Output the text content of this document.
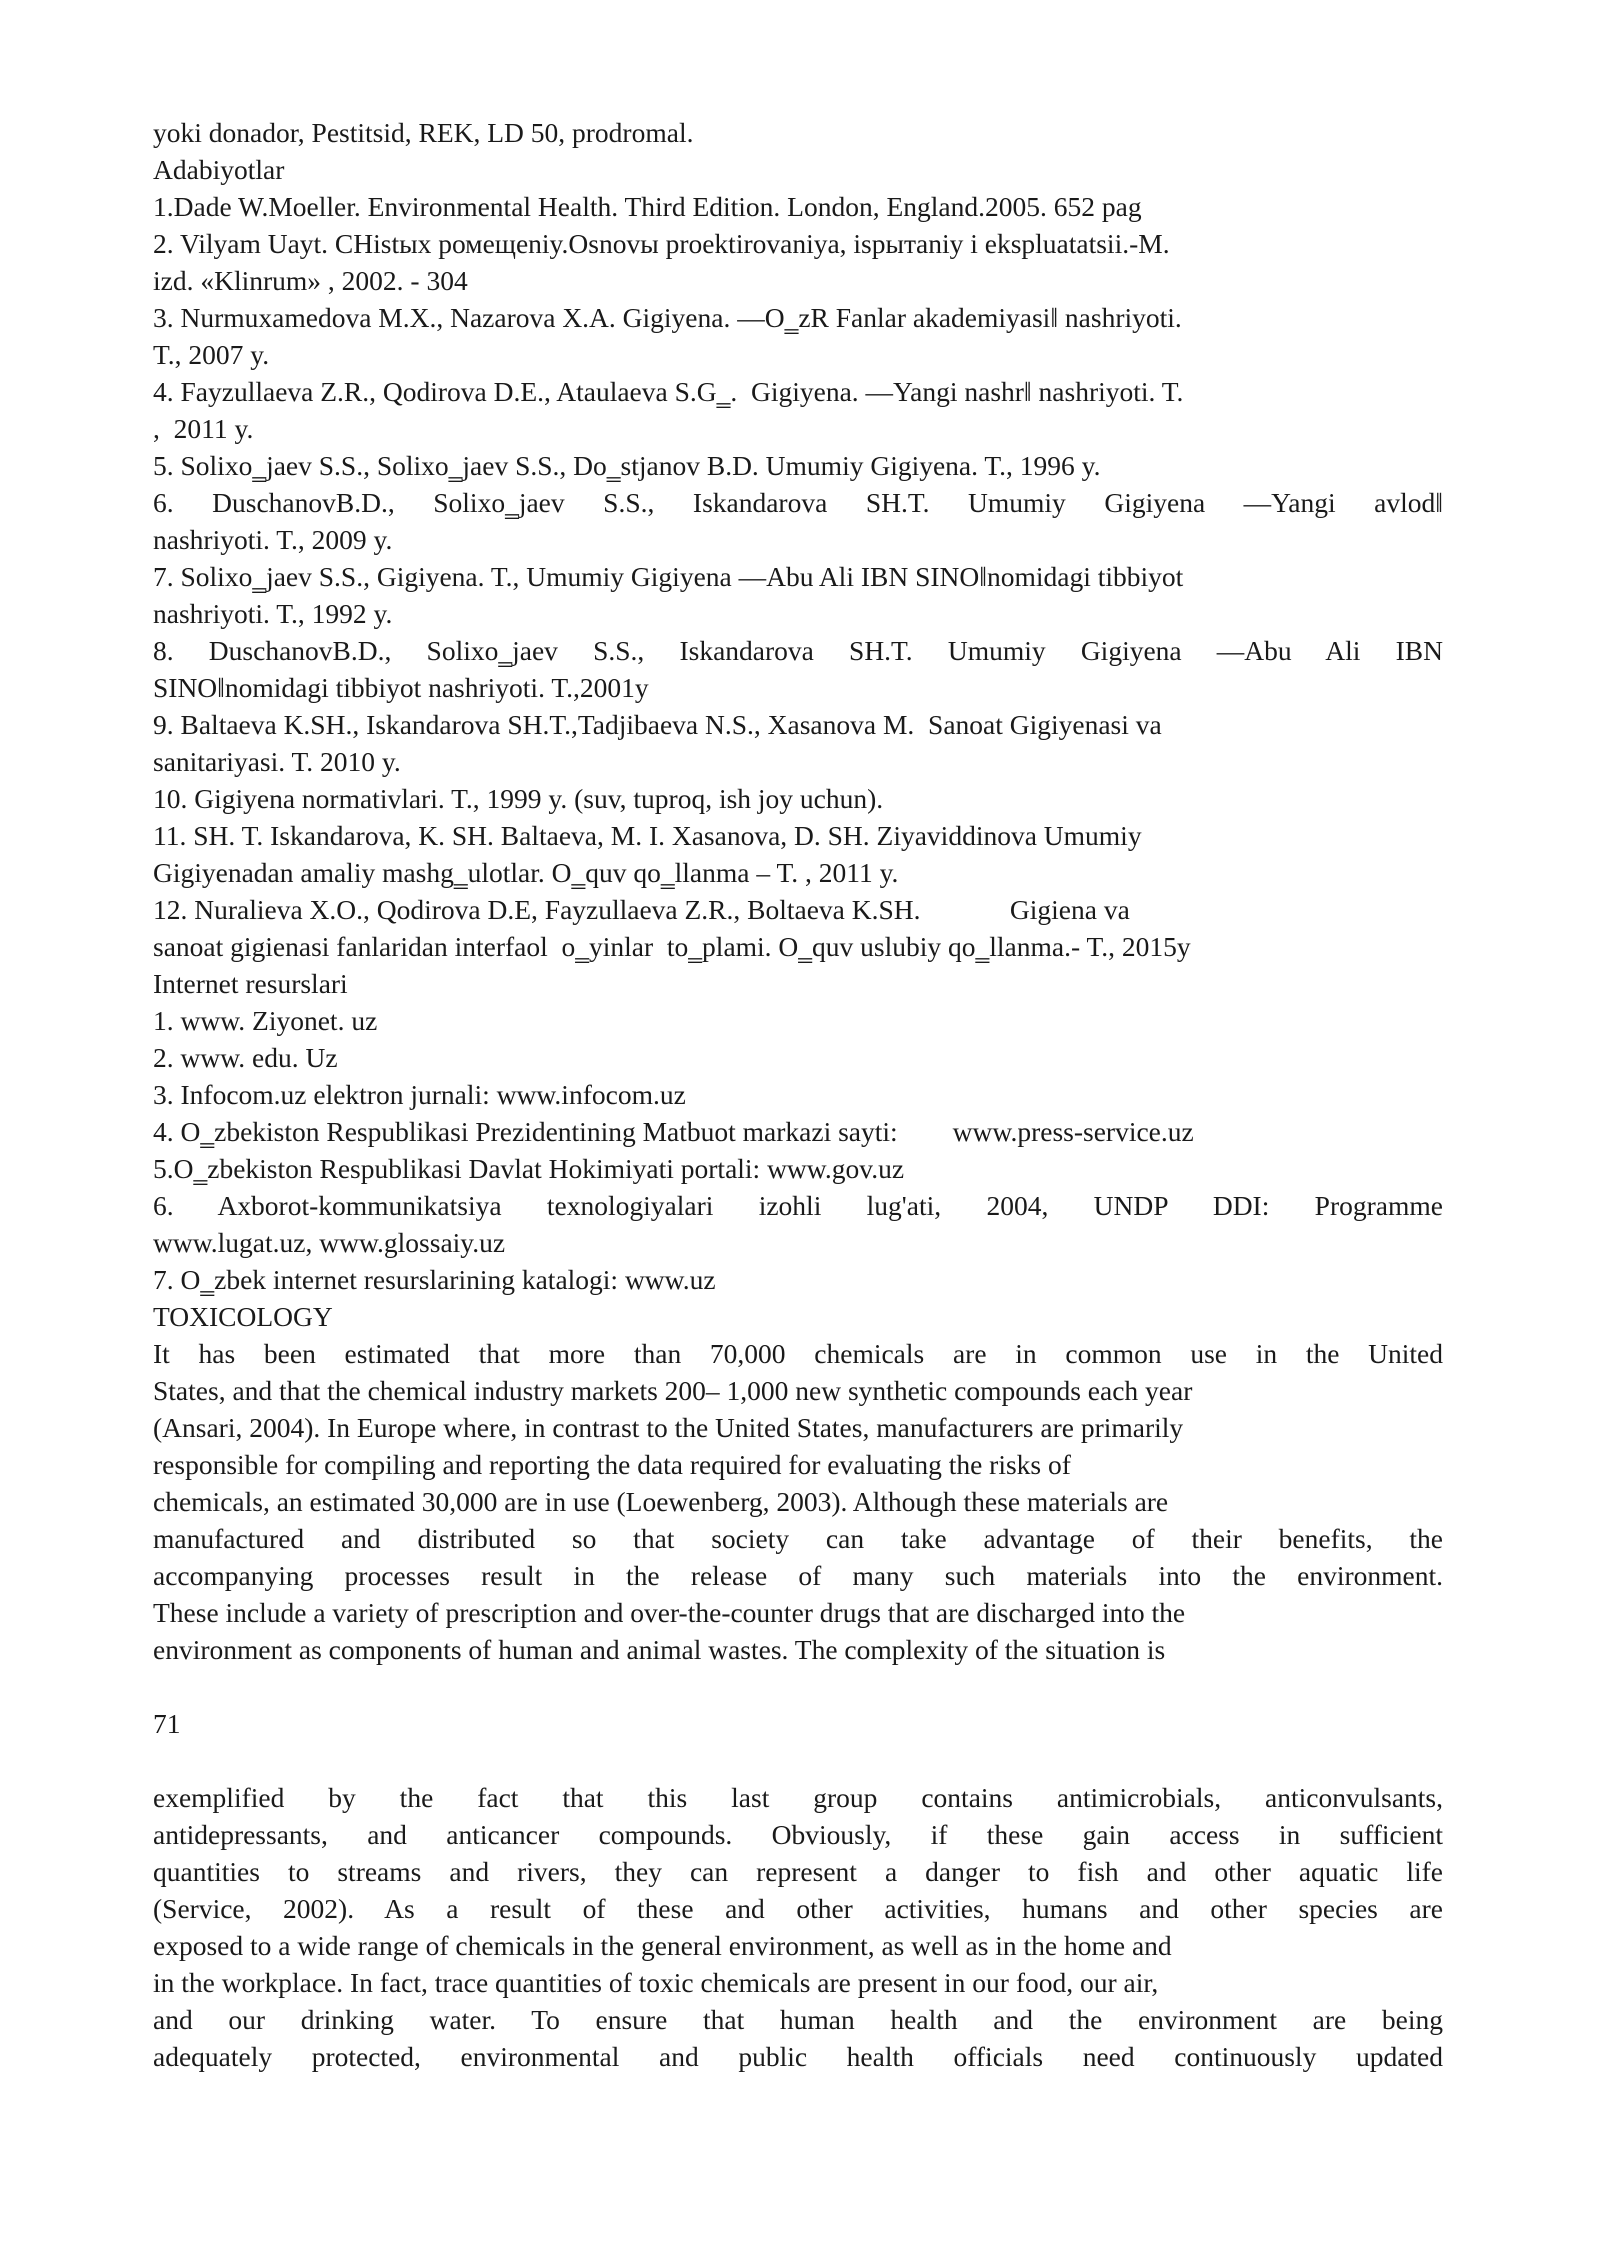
yoki donador, Pestitsid, REK, LD 50, prodromal.
Adabiyotlar
1.Dade W.Moeller. Environmental Health. Third Edition. London, England.2005. 652 pag
2. Vilyam Uayt. CHistых ромещеniy.Osnovы proektirovaniya, ispытaniy i ekspluatatsii.-M.
izd. «Klinrum» , 2002. - 304
3. Nurmuxamedova M.X., Nazarova X.A. Gigiyena. ―O‗zR Fanlar akademiyasi‖ nashriyoti.
T., 2007 y.
4. Fayzullaeva Z.R., Qodirova D.E., Ataulaeva S.G‗.  Gigiyena. ―Yangi nashr‖ nashriyoti. T.
,  2011 y.
5. Solixo‗jaev S.S., Solixo‗jaev S.S., Do‗stjanov B.D. Umumiy Gigiyena. T., 1996 y.
6. DuschanovB.D., Solixo‗jaev S.S., Iskandarova SH.T. Umumiy Gigiyena ―Yangi avlod‖
nashriyoti. T., 2009 y.
7. Solixo‗jaev S.S., Gigiyena. T., Umumiy Gigiyena ―Abu Ali IBN SINO‖nomidagi tibbiyot
nashriyoti. T., 1992 y.
8. DuschanovB.D., Solixo‗jaev S.S., Iskandarova SH.T. Umumiy Gigiyena ―Abu Ali IBN
SINO‖nomidagi tibbiyot nashriyoti. T.,2001y
9. Baltaeva K.SH., Iskandarova SH.T.,Tadjibaeva N.S., Xasanova M.  Sanoat Gigiyenasi va
sanitariyasi. T. 2010 y.
10. Gigiyena normativlari. T., 1999 y. (suv, tuproq, ish joy uchun).
11. SH. T. Iskandarova, K. SH. Baltaeva, M. I. Xasanova, D. SH. Ziyaviddinova Umumiy
Gigiyenadan amaliy mashg‗ulotlar. O‗quv qo‗llanma – T. , 2011 y.
12. Nuralieva X.O., Qodirova D.E, Fayzullaeva Z.R., Boltaeva K.SH.             Gigiena va
sanoat gigienasi fanlaridan interfaol  o‗yinlar  to‗plami. O‗quv uslubiy qo‗llanma.- T., 2015y
Internet resurslari
1. www. Ziyonet. uz
2. www. edu. Uz
3. Infocom.uz elektron jurnali: www.infocom.uz
4. O‗zbekiston Respublikasi Prezidentining Matbuot markazi sayti:        www.press-service.uz
5.O‗zbekiston Respublikasi Davlat Hokimiyati portali: www.gov.uz
6. Axborot-kommunikatsiya texnologiyalari izohli lug'ati, 2004, UNDP DDI: Programme
www.lugat.uz, www.glossaiy.uz
7. O‗zbek internet resurslarining katalogi: www.uz
TOXICOLOGY
It has been estimated that more than 70,000 chemicals are in common use in the United
States, and that the chemical industry markets 200– 1,000 new synthetic compounds each year
(Ansari, 2004). In Europe where, in contrast to the United States, manufacturers are primarily
responsible for compiling and reporting the data required for evaluating the risks of
chemicals, an estimated 30,000 are in use (Loewenberg, 2003). Although these materials are
manufactured and distributed so that society can take advantage of their benefits, the
accompanying processes result in the release of many such materials into the environment.
These include a variety of prescription and over-the-counter drugs that are discharged into the
environment as components of human and animal wastes. The complexity of the situation is
71
exemplified by the fact that this last group contains antimicrobials, anticonvulsants,
antidepressants, and anticancer compounds. Obviously, if these gain access in sufficient
quantities to streams and rivers, they can represent a danger to fish and other aquatic life
(Service, 2002). As a result of these and other activities, humans and other species are
exposed to a wide range of chemicals in the general environment, as well as in the home and
in the workplace. In fact, trace quantities of toxic chemicals are present in our food, our air,
and our drinking water. To ensure that human health and the environment are being
adequately protected, environmental and public health officials need continuously updated
